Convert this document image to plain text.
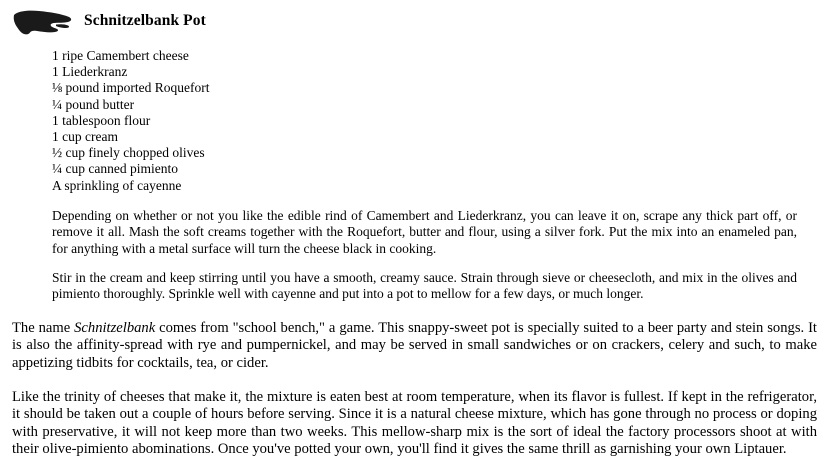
Schnitzelbank Pot
1 ripe Camembert cheese
1 Liederkranz
⅛ pound imported Roquefort
¼ pound butter
1 tablespoon flour
1 cup cream
½ cup finely chopped olives
¼ cup canned pimiento
A sprinkling of cayenne

Depending on whether or not you like the edible rind of Camembert and Liederkranz, you can leave it on, scrape any thick part off, or remove it all. Mash the soft creams together with the Roquefort, butter and flour, using a silver fork. Put the mix into an enameled pan, for anything with a metal surface will turn the cheese black in cooking.

Stir in the cream and keep stirring until you have a smooth, creamy sauce. Strain through sieve or cheesecloth, and mix in the olives and pimiento thoroughly. Sprinkle well with cayenne and put into a pot to mellow for a few days, or much longer.

The name Schnitzelbank comes from "school bench," a game. This snappy-sweet pot is specially suited to a beer party and stein songs. It is also the affinity-spread with rye and pumpernickel, and may be served in small sandwiches or on crackers, celery and such, to make appetizing tidbits for cocktails, tea, or cider.

Like the trinity of cheeses that make it, the mixture is eaten best at room temperature, when its flavor is fullest. If kept in the refrigerator, it should be taken out a couple of hours before serving. Since it is a natural cheese mixture, which has gone through no process or doping with preservative, it will not keep more than two weeks. This mellow-sharp mix is the sort of ideal the factory processors shoot at with their olive-pimiento abominations. Once you've potted your own, you'll find it gives the same thrill as garnishing your own Liptauer.
